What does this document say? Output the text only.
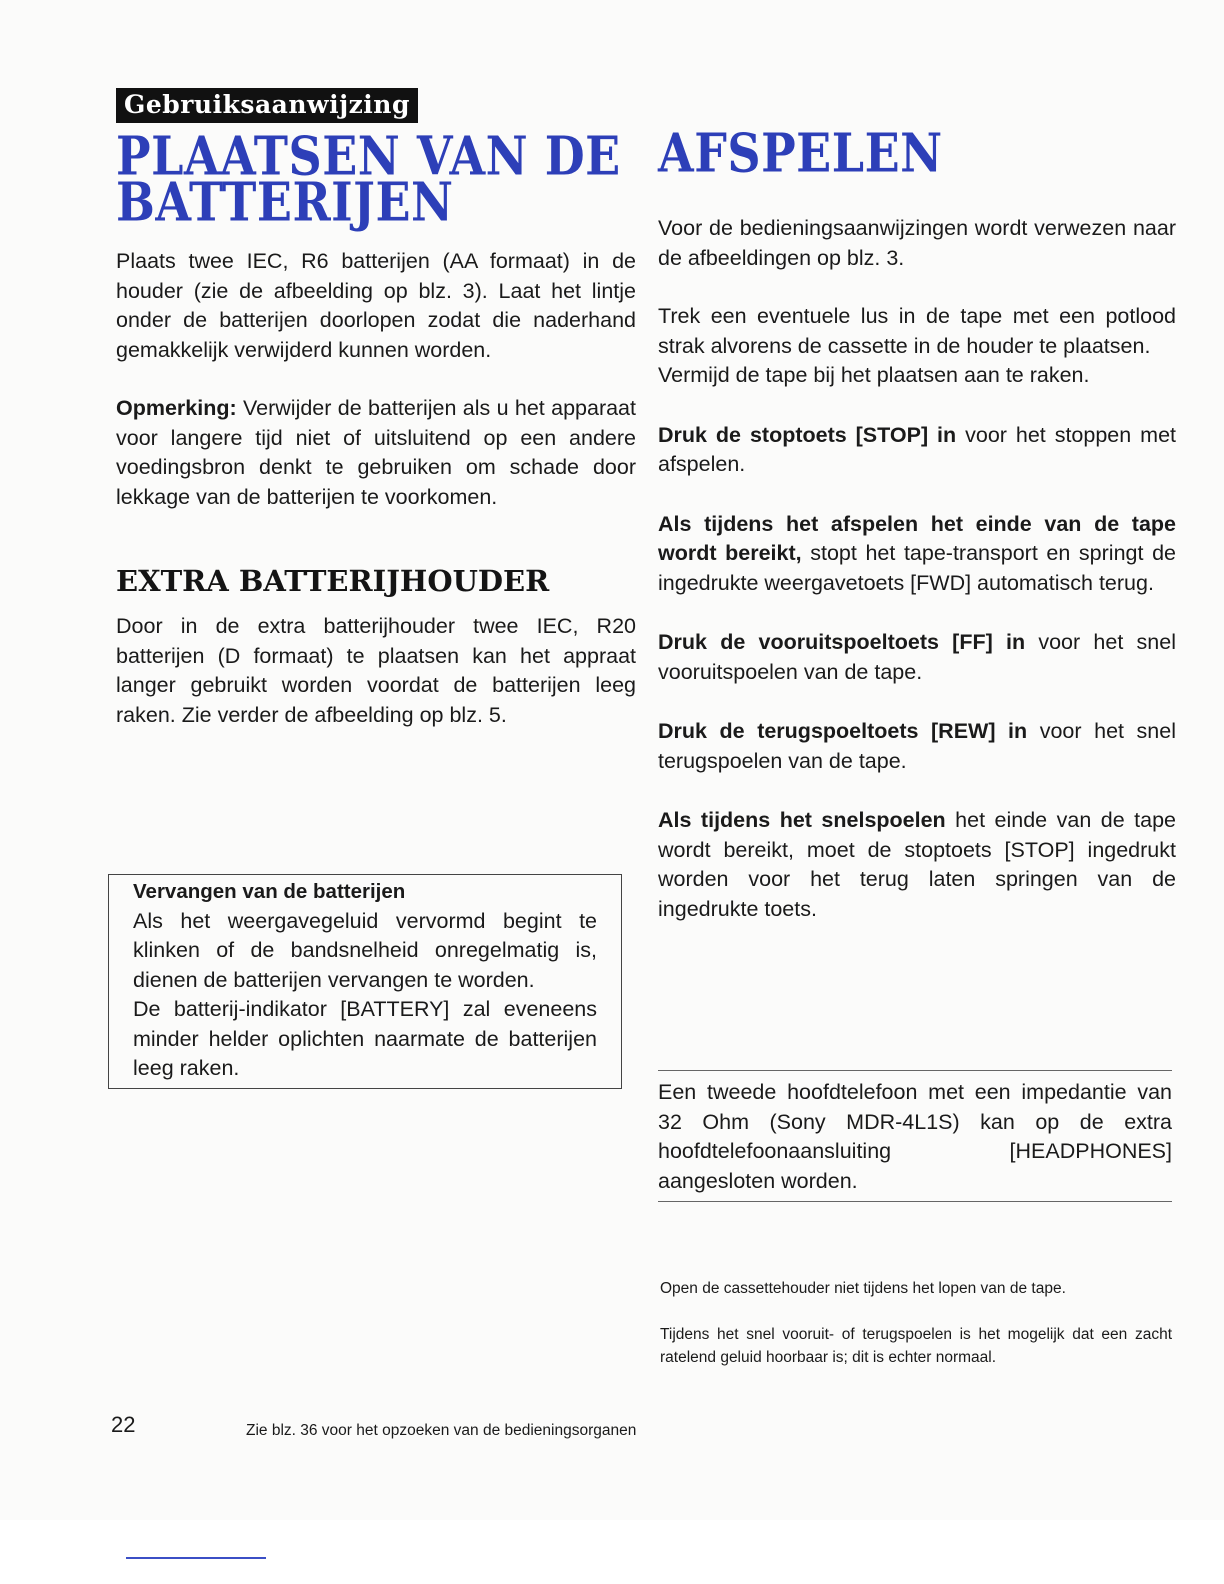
Gebruiksaanwijzing
PLAATSEN VAN DE
BATTERIJEN

Plaats twee IEC, R6 batterijen (AA formaat) in de houder (zie de afbeelding op blz. 3). Laat het lintje onder de batterijen doorlopen zodat die naderhand gemakkelijk verwijderd kunnen worden.

Opmerking: Verwijder de batterijen als u het apparaat voor langere tijd niet of uitsluitend op een andere voedingsbron denkt te gebruiken om schade door lekkage van de batterijen te voorkomen.

EXTRA BATTERIJHOUDER

Door in de extra batterijhouder twee IEC, R20 batterijen (D formaat) te plaatsen kan het appraat langer gebruikt worden voordat de batterijen leeg raken. Zie verder de afbeelding op blz. 5.

Vervangen van de batterijen

Als het weergavegeluid vervormd begint te klinken of de bandsnelheid onregelmatig is, dienen de batterijen vervangen te worden.

De batterij-indikator [BATTERY] zal eveneens minder helder oplichten naarmate de batterijen leeg raken.

AFSPELEN

Voor de bedieningsaanwijzingen wordt verwezen naar de afbeeldingen op blz. 3.

Trek een eventuele lus in de tape met een potlood strak alvorens de cassette in de houder te plaatsen.

Vermijd de tape bij het plaatsen aan te raken.

Druk de stoptoets [STOP] in voor het stoppen met afspelen.

Als tijdens het afspelen het einde van de tape wordt bereikt, stopt het tape-transport en springt de ingedrukte weergavetoets [FWD] automatisch terug.

Druk de vooruitspoeltoets [FF] in voor het snel vooruitspoelen van de tape.

Druk de terugspoeltoets [REW] in voor het snel terugspoelen van de tape.

Als tijdens het snelspoelen het einde van de tape wordt bereikt, moet de stoptoets [STOP] ingedrukt worden voor het terug laten springen van de ingedrukte toets.

Een tweede hoofdtelefoon met een impedantie van 32 Ohm (Sony MDR-4L1S) kan op de extra hoofdtelefoonaansluiting [HEADPHONES] aangesloten worden.

Open de cassettehouder niet tijdens het lopen van de tape.

Tijdens het snel vooruit- of terugspoelen is het mogelijk dat een zacht ratelend geluid hoorbaar is; dit is echter normaal.

22	Zie blz. 36 voor het opzoeken van de bedieningsorganen
